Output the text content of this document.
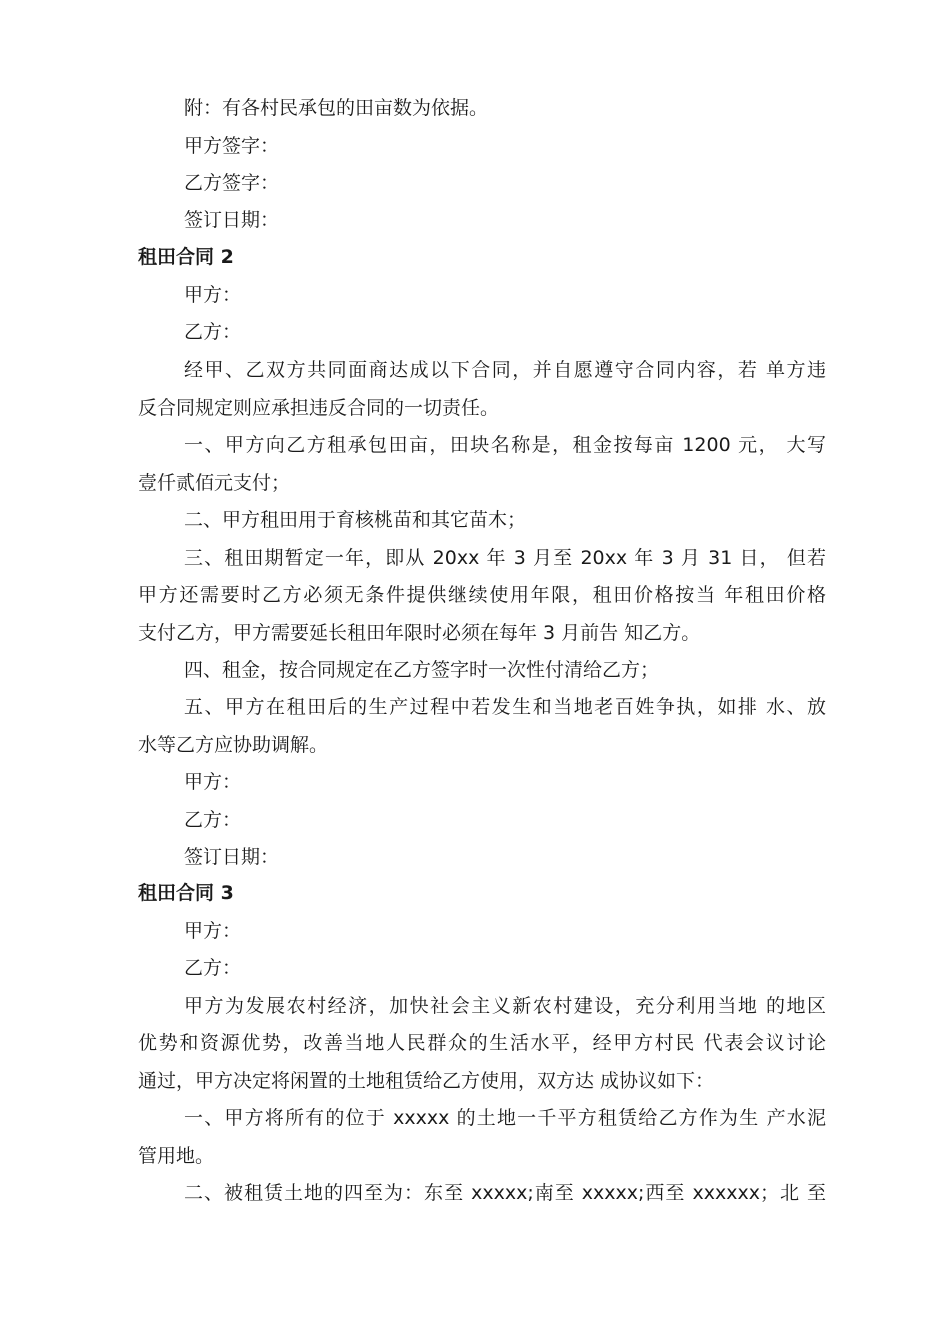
附：有各村民承包的田亩数为依据。
甲方签字：
乙方签字：
签订日期：
租田合同 2
甲方：
乙方：
经甲、乙双方共同面商达成以下合同，并自愿遵守合同内容，若 单方违
反合同规定则应承担违反合同的一切责任。
一、甲方向乙方租承包田亩，田块名称是，租金按每亩 1200 元， 大写
壹仟贰佰元支付；
二、甲方租田用于育核桃苗和其它苗木；
三、租田期暂定一年，即从 20xx 年 3 月至 20xx 年 3 月 31 日， 但若
甲方还需要时乙方必须无条件提供继续使用年限，租田价格按当 年租田价格
支付乙方，甲方需要延长租田年限时必须在每年 3 月前告 知乙方。
四、租金，按合同规定在乙方签字时一次性付清给乙方；
五、甲方在租田后的生产过程中若发生和当地老百姓争执，如排 水、放
水等乙方应协助调解。
甲方：
乙方：
签订日期：
租田合同 3
甲方：
乙方：
甲方为发展农村经济，加快社会主义新农村建设，充分利用当地 的地区
优势和资源优势，改善当地人民群众的生活水平，经甲方村民 代表会议讨论
通过，甲方决定将闲置的土地租赁给乙方使用，双方达 成协议如下：
一、甲方将所有的位于 xxxxx 的土地一千平方租赁给乙方作为生 产水泥
管用地。
二、被租赁土地的四至为：东至 xxxxx;南至 xxxxx;西至 xxxxxx；北 至
